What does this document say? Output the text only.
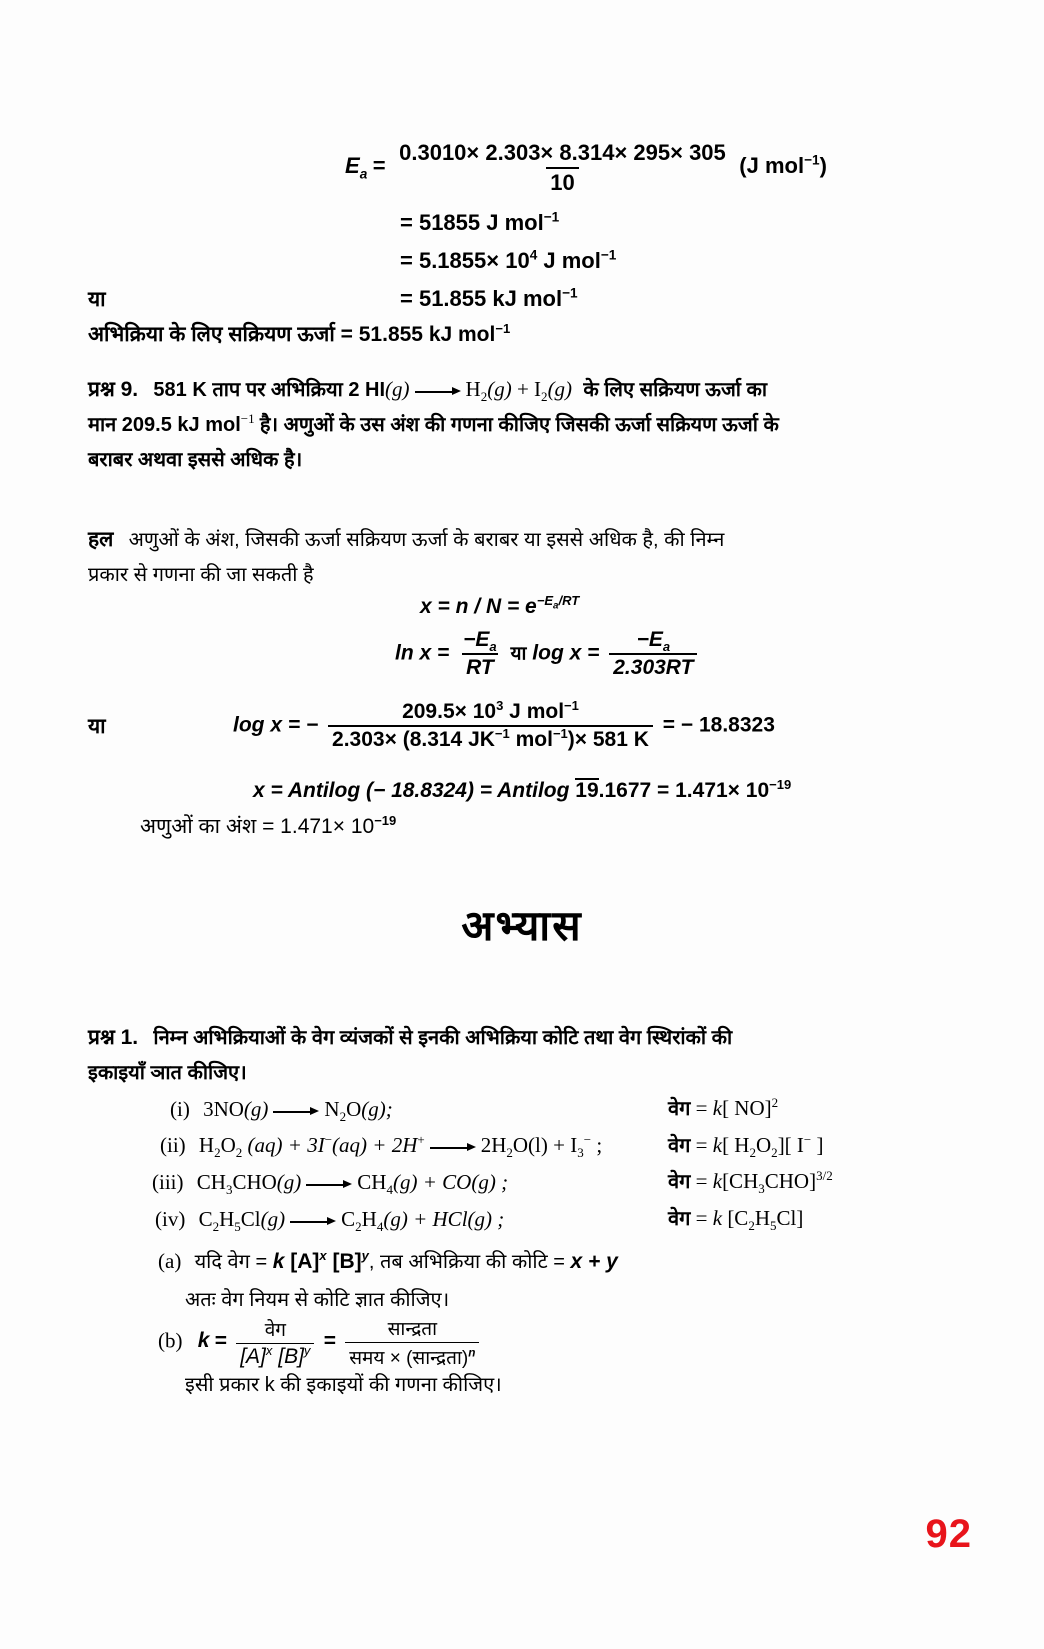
$E_a = \frac{0.3010\times 2.303\times 8.314\times 295\times 305}{10} (J$ mol$^{-1}$)
= 51855 J mol$^{-1}$
= $5.1855\times 10^4$ J mol$^{-1}$
या	= 51.855 kJ mol$^{-1}$
अभिक्रिया के लिए सक्रियण ऊर्जा = 51.855 kJ mol$^{-1}$
प्रश्न 9. 581 K ताप पर अभिक्रिया 2 HI(g)	$H_2(g) + I_2(g)$ के लिए सक्रियण ऊर्जा का
मान 209.5 kJ mol$^{-1}$ है। अणुओं के उस अंश की गणना कीजिए जिसकी ऊर्जा सक्रियण ऊर्जा के
बराबर अथवा इससे अधिक है।
हल अणुओं के अंश, जिसकी ऊर्जा सक्रियण ऊर्जा के बराबर या इससे अधिक है, की निम्न
प्रकार से गणना की जा सकती है
$x = n / N = e^{-E_a/RT}$
$\ln x = \frac{-E_a}{RT}$ या $\log x = \frac{-E_a}{2.303RT}$
या	log x = − $\frac{209.5\times 10^3 J mol^{-1}}{2.303\times (8.314 JK^{-1} mol^{-1})\times 581 K}$ = − 18.8323
x = Antilog (− 18.8324) = Antilog $19.1677 = 1.471\times 10^{-19}$
अणुओं का अंश = $1.471\times 10^{-19}$
अभ्यास
प्रश्न 1. निम्न अभिक्रियाओं के वेग व्यंजकों से इनकी अभिक्रिया कोटि तथा वेग स्थिरांकों की
इकाइयाँ ञात कीजिए।
(i) 3NO(g)	$N_2O(g)$;	वेग = k[ NO]$^2$
(ii) $H_2O_2$ (aq) + 3I−(aq) + 2H+	$2H_2O(l) + I_3^-$ ;	वेग = k[ $H_2O_2$][ I− ]
(iii) $CH_3CHO(g)$	$CH_4(g) + CO(g)$ ;	वेग = $k[CH_3CHO]^{3/2}$
(iv) $C_2H_5Cl(g)$	$C_2H_4(g) + HCl(g)$ ;	वेग = k $[C_2H_5Cl]$
(a) यदि वेग = k $[A]^x$ $[B]^y$, तब अभिक्रिया की कोटि = x + y
अतः वेग नियम से कोटि ज्ञात कीजिए।
(b) $k = \frac{\text{वेग}}{[A]^x [B]^y} = \frac{\text{सान्द्रता}}{समय \times (सान्द्रता)^n}$
इसी प्रकार k की इकाइयों की गणना कीजिए।
92
